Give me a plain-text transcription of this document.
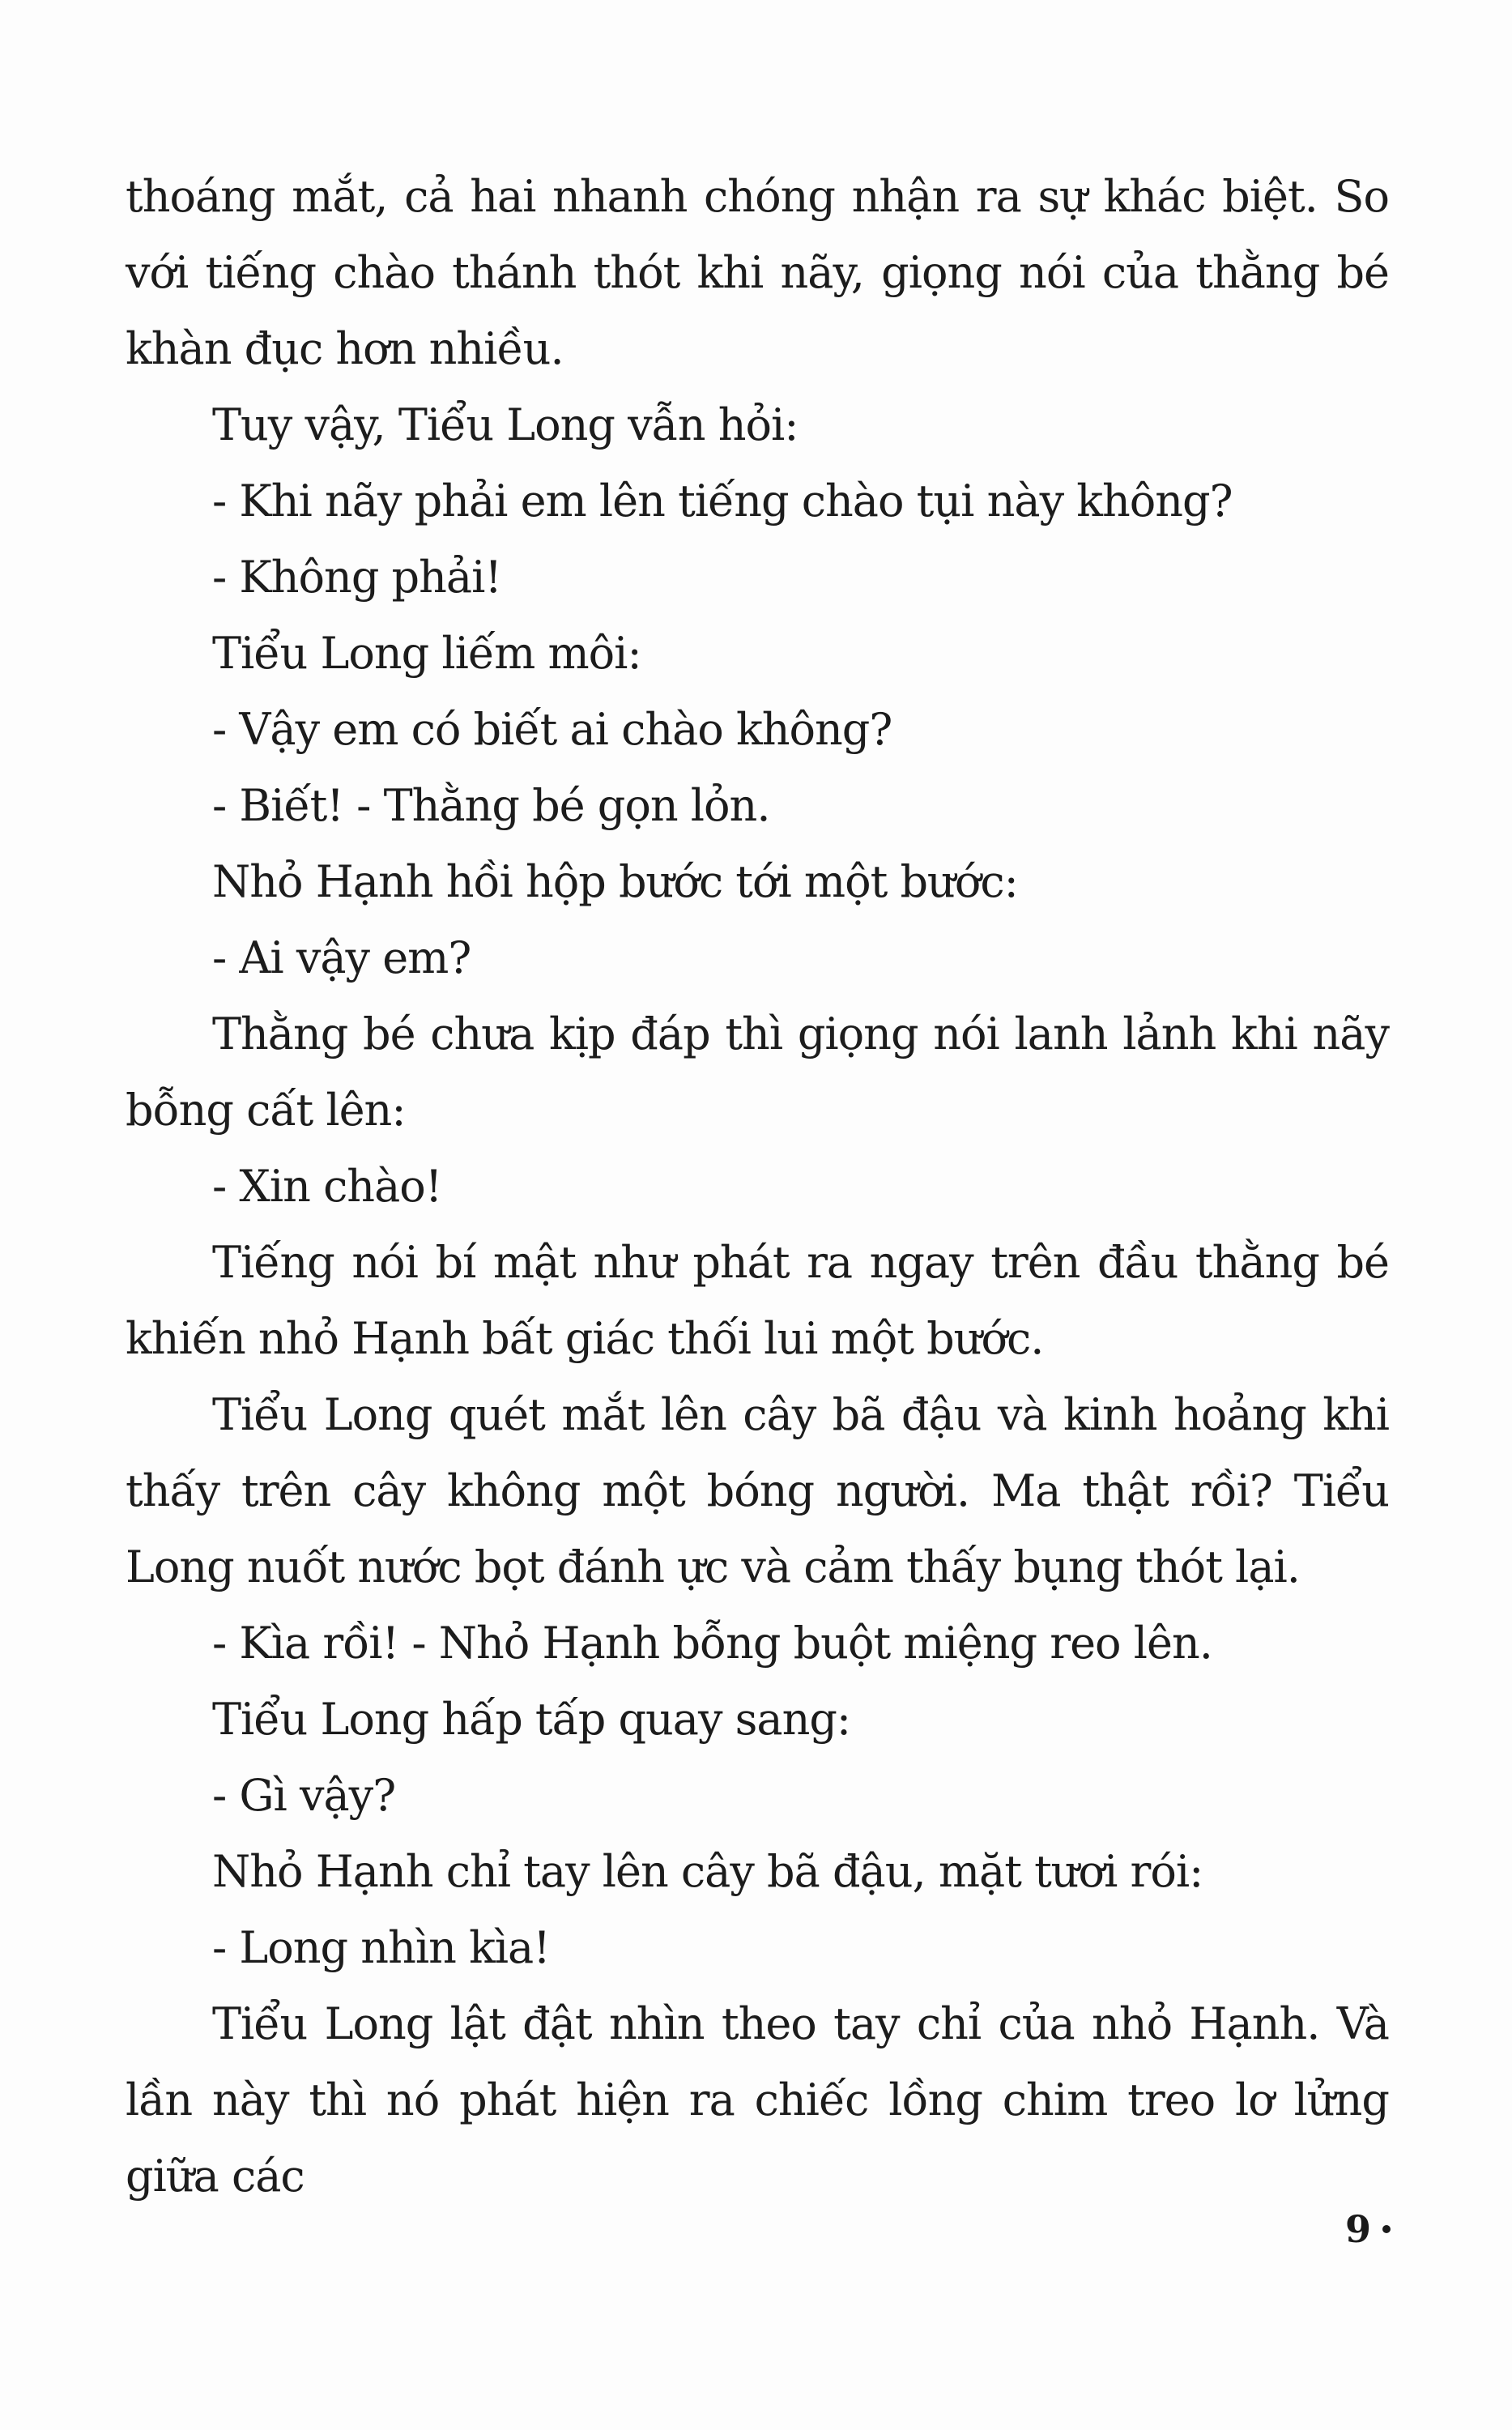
thoáng mắt, cả hai nhanh chóng nhận ra sự khác biệt. So với tiếng chào thánh thót khi nãy, giọng nói của thằng bé khàn đục hơn nhiều.

Tuy vậy, Tiểu Long vẫn hỏi:

- Khi nãy phải em lên tiếng chào tụi này không?

- Không phải!

Tiểu Long liếm môi:

- Vậy em có biết ai chào không?

- Biết! - Thằng bé gọn lỏn.

Nhỏ Hạnh hồi hộp bước tới một bước:

- Ai vậy em?

Thằng bé chưa kịp đáp thì giọng nói lanh lảnh khi nãy bỗng cất lên:

- Xin chào!

Tiếng nói bí mật như phát ra ngay trên đầu thằng bé khiến nhỏ Hạnh bất giác thối lui một bước.

Tiểu Long quét mắt lên cây bã đậu và kinh hoảng khi thấy trên cây không một bóng người. Ma thật rồi? Tiểu Long nuốt nước bọt đánh ực và cảm thấy bụng thót lại.

- Kìa rồi! - Nhỏ Hạnh bỗng buột miệng reo lên.

Tiểu Long hấp tấp quay sang:

- Gì vậy?

Nhỏ Hạnh chỉ tay lên cây bã đậu, mặt tươi rói:

- Long nhìn kìa!

Tiểu Long lật đật nhìn theo tay chỉ của nhỏ Hạnh. Và lần này thì nó phát hiện ra chiếc lồng chim treo lơ lửng giữa các

9
